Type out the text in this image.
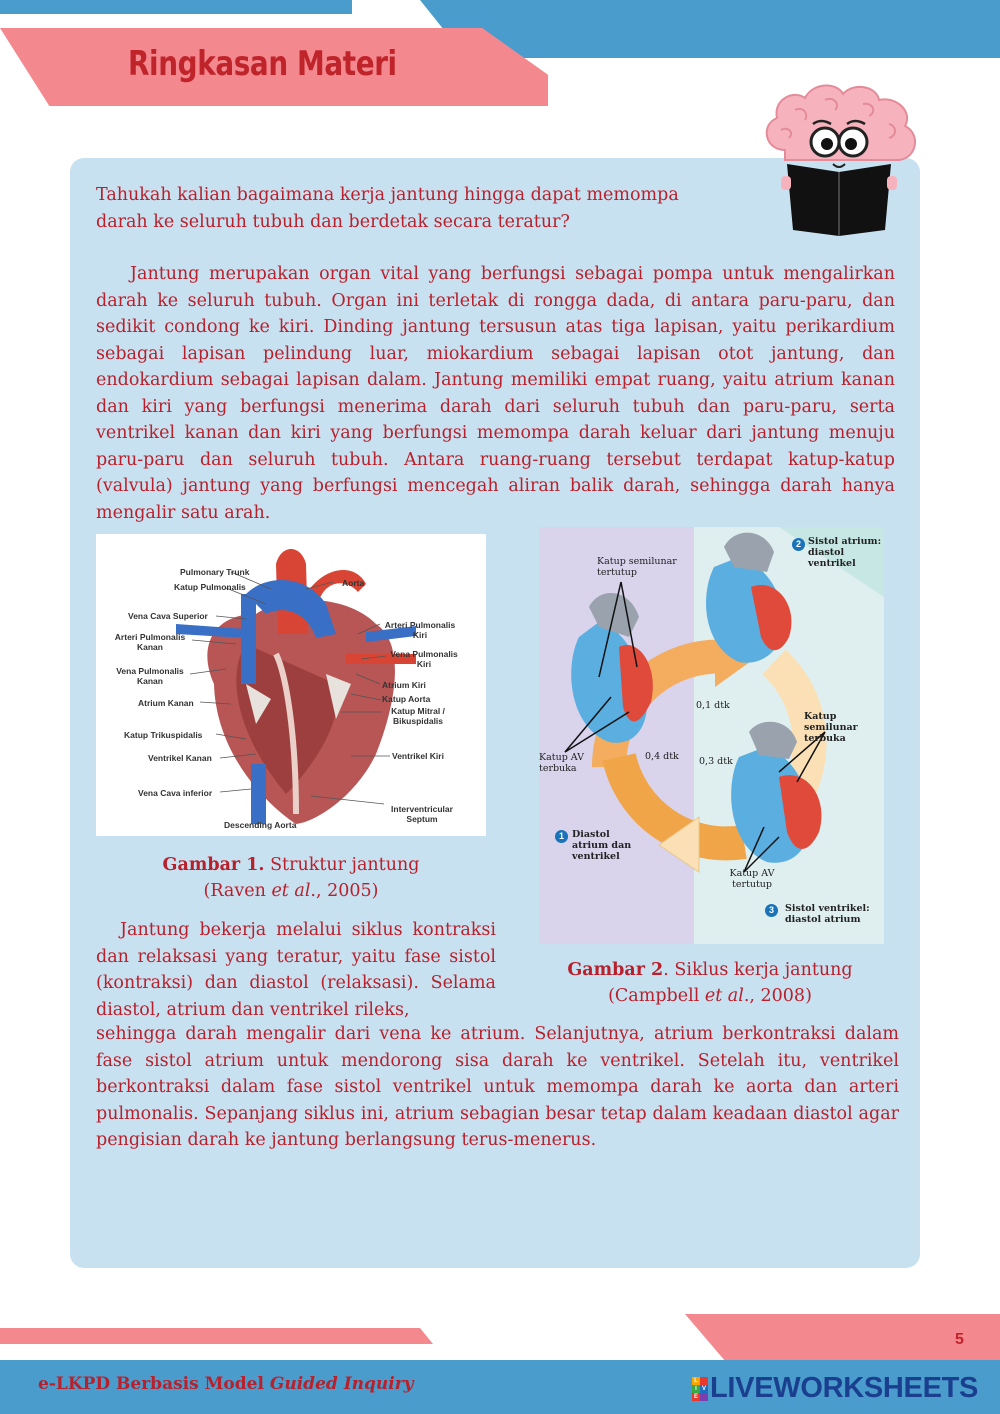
Ringkasan Materi
Tahukah kalian bagaimana kerja jantung hingga dapat memompa darah ke seluruh tubuh dan berdetak secara teratur?
Jantung merupakan organ vital yang berfungsi sebagai pompa untuk mengalirkan darah ke seluruh tubuh. Organ ini terletak di rongga dada, di antara paru-paru, dan sedikit condong ke kiri. Dinding jantung tersusun atas tiga lapisan, yaitu perikardium sebagai lapisan pelindung luar, miokardium sebagai lapisan otot jantung, dan endokardium sebagai lapisan dalam. Jantung memiliki empat ruang, yaitu atrium kanan dan kiri yang berfungsi menerima darah dari seluruh tubuh dan paru-paru, serta ventrikel kanan dan kiri yang berfungsi memompa darah keluar dari jantung menuju paru-paru dan seluruh tubuh. Antara ruang-ruang tersebut terdapat katup-katup (valvula) jantung yang berfungsi mencegah aliran balik darah, sehingga darah hanya mengalir satu arah.
Pulmonary Trunk
Katup Pulmonalis
Vena Cava Superior
Arteri Pulmonalis Kanan
Vena Pulmonalis Kanan
Atrium Kanan
Katup Trikuspidalis
Ventrikel Kanan
Vena Cava inferior
Descending Aorta
Aorta
Arteri Pulmonalis Kiri
Vena Pulmonalis Kiri
Atrium Kiri
Katup Aorta
Katup Mitral / Bikuspidalis
Ventrikel Kiri
Interventricular Septum
Gambar 1. Struktur jantung
(Raven et al., 2005)
Katup semilunar tertutup
2 Sistol atrium: diastol ventrikel
0,1 dtk
Katup semilunar terbuka
Katup AV terbuka
0,4 dtk 0,3 dtk
1 Diastol atrium dan ventrikel
Katup AV tertutup
3	Sistol ventrikel: diastol atrium
Gambar 2. Siklus kerja jantung
(Campbell et al., 2008)
Jantung bekerja melalui siklus kontraksi dan relaksasi yang teratur, yaitu fase sistol (kontraksi) dan diastol (relaksasi). Selama diastol, atrium dan ventrikel rileks,
sehingga darah mengalir dari vena ke atrium. Selanjutnya, atrium berkontraksi dalam fase sistol atrium untuk mendorong sisa darah ke ventrikel. Setelah itu, ventrikel berkontraksi dalam fase sistol ventrikel untuk memompa darah ke aorta dan arteri pulmonalis. Sepanjang siklus ini, atrium sebagian besar tetap dalam keadaan diastol agar pengisian darah ke jantung berlangsung terus-menerus.
5
e-LKPD Berbasis Model Guided Inquiry	L
I V
E LIVEWORKSHEETS
